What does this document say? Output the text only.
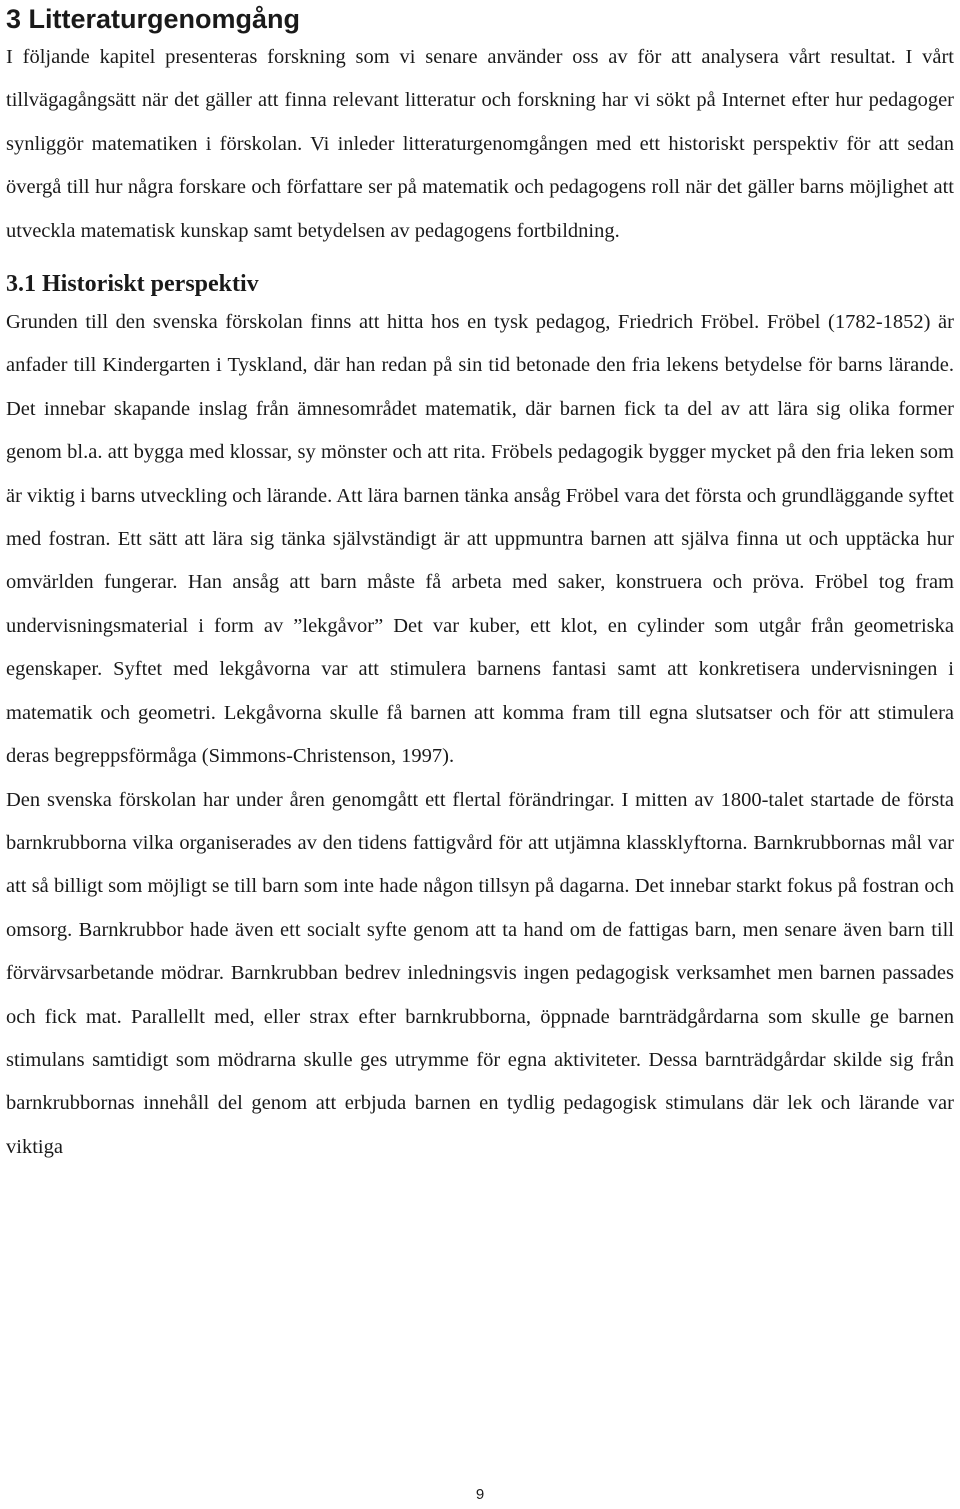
3 Litteraturgenomgång

I följande kapitel presenteras forskning som vi senare använder oss av för att analysera vårt resultat. I vårt tillvägagångsätt när det gäller att finna relevant litteratur och forskning har vi sökt på Internet efter hur pedagoger synliggör matematiken i förskolan. Vi inleder litteraturgenomgången med ett historiskt perspektiv för att sedan övergå till hur några forskare och författare ser på matematik och pedagogens roll när det gäller barns möjlighet att utveckla matematisk kunskap samt betydelsen av pedagogens fortbildning.

3.1 Historiskt perspektiv

Grunden till den svenska förskolan finns att hitta hos en tysk pedagog, Friedrich Fröbel. Fröbel (1782-1852) är anfader till Kindergarten i Tyskland, där han redan på sin tid betonade den fria lekens betydelse för barns lärande. Det innebar skapande inslag från ämnesområdet matematik, där barnen fick ta del av att lära sig olika former genom bl.a. att bygga med klossar, sy mönster och att rita. Fröbels pedagogik bygger mycket på den fria leken som är viktig i barns utveckling och lärande. Att lära barnen tänka ansåg Fröbel vara det första och grundläggande syftet med fostran. Ett sätt att lära sig tänka självständigt är att uppmuntra barnen att själva finna ut och upptäcka hur omvärlden fungerar. Han ansåg att barn måste få arbeta med saker, konstruera och pröva. Fröbel tog fram undervisningsmaterial i form av ”lekgåvor” Det var kuber, ett klot, en cylinder som utgår från geometriska egenskaper. Syftet med lekgåvorna var att stimulera barnens fantasi samt att konkretisera undervisningen i matematik och geometri. Lekgåvorna skulle få barnen att komma fram till egna slutsatser och för att stimulera deras begreppsförmåga (Simmons-Christenson, 1997).

Den svenska förskolan har under åren genomgått ett flertal förändringar. I mitten av 1800-talet startade de första barnkrubborna vilka organiserades av den tidens fattigvård för att utjämna klassklyftorna. Barnkrubbornas mål var att så billigt som möjligt se till barn som inte hade någon tillsyn på dagarna. Det innebar starkt fokus på fostran och omsorg. Barnkrubbor hade även ett socialt syfte genom att ta hand om de fattigas barn, men senare även barn till förvärvsarbetande mödrar. Barnkrubban bedrev inledningsvis ingen pedagogisk verksamhet men barnen passades och fick mat. Parallellt med, eller strax efter barnkrubborna, öppnade barnträdgårdarna som skulle ge barnen stimulans samtidigt som mödrarna skulle ges utrymme för egna aktiviteter. Dessa barnträdgårdar skilde sig från barnkrubbornas innehåll del genom att erbjuda barnen en tydlig pedagogisk stimulans där lek och lärande var viktiga

9
